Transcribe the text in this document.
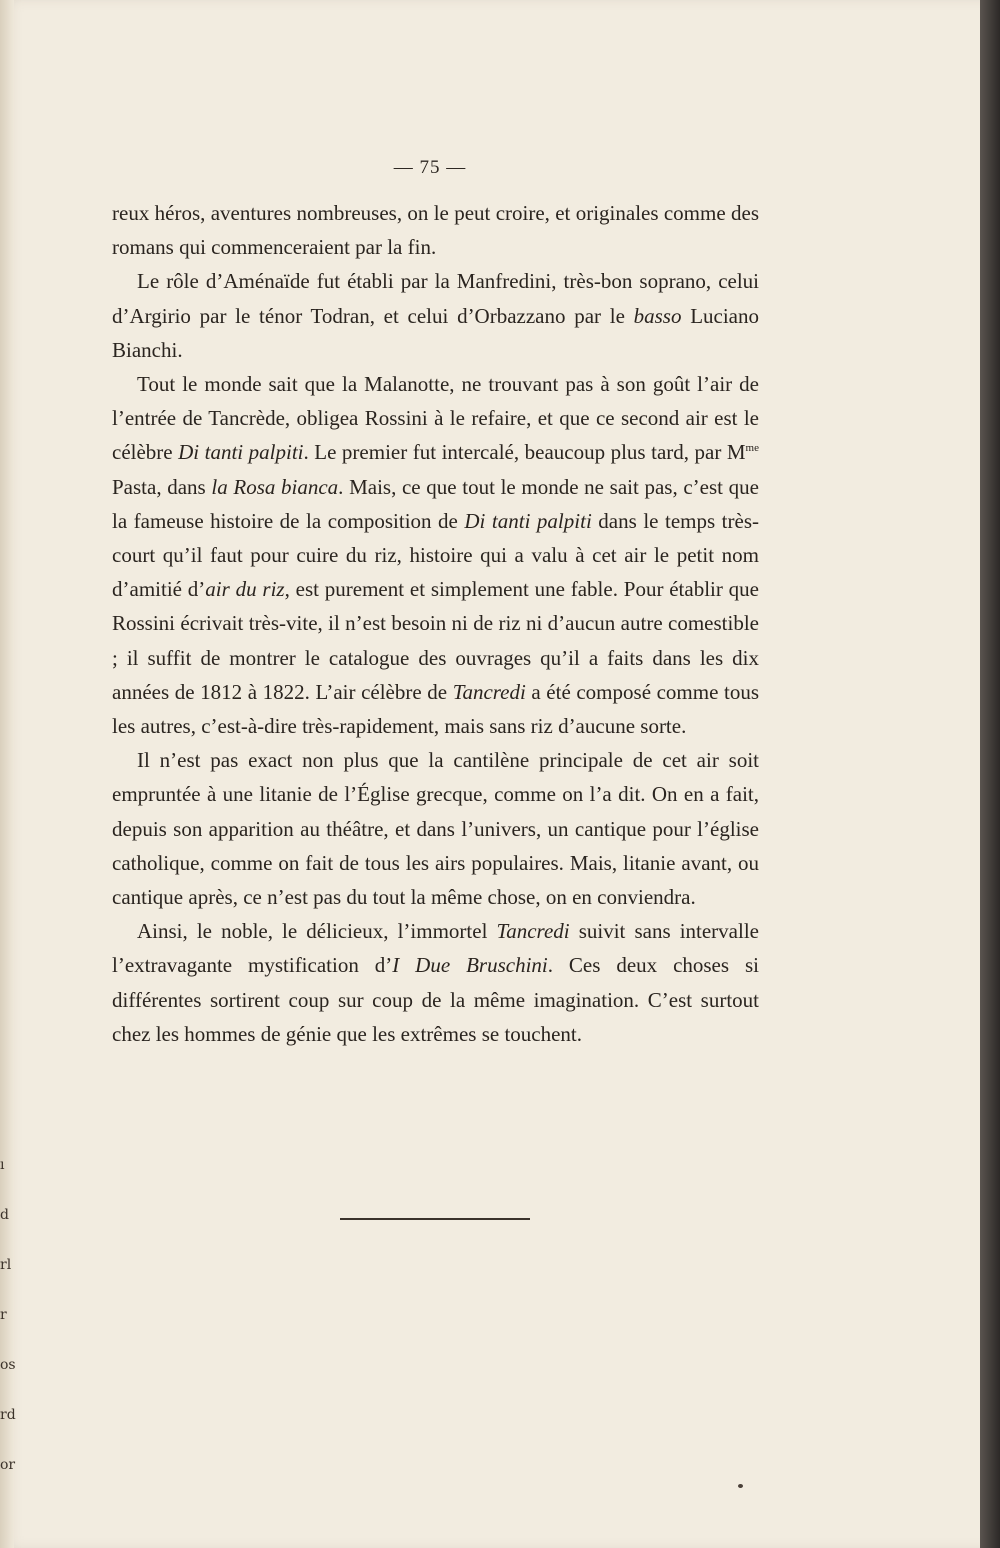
ı
d
rl
r
os
rd
or
— 75 —

reux héros, aventures nombreuses, on le peut croire, et originales comme des romans qui commenceraient par la fin.

Le rôle d’Aménaïde fut établi par la Manfredini, très-bon soprano, celui d’Argirio par le ténor Todran, et celui d’Orbazzano par le basso Luciano Bianchi.

Tout le monde sait que la Malanotte, ne trouvant pas à son goût l’air de l’entrée de Tancrède, obligea Rossini à le refaire, et que ce second air est le célèbre Di tanti palpiti. Le premier fut intercalé, beaucoup plus tard, par $M^{me}$ Pasta, dans la Rosa bianca. Mais, ce que tout le monde ne sait pas, c’est que la fameuse histoire de la composition de Di tanti palpiti dans le temps très-court qu’il faut pour cuire du riz, histoire qui a valu à cet air le petit nom d’amitié d’air du riz, est purement et simplement une fable. Pour établir que Rossini écrivait très-vite, il n’est besoin ni de riz ni d’aucun autre comestible ; il suffit de montrer le catalogue des ouvrages qu’il a faits dans les dix années de 1812 à 1822. L’air célèbre de Tancredi a été composé comme tous les autres, c’est-à-dire très-rapidement, mais sans riz d’aucune sorte.

Il n’est pas exact non plus que la cantilène principale de cet air soit empruntée à une litanie de l’Église grecque, comme on l’a dit. On en a fait, depuis son apparition au théâtre, et dans l’univers, un cantique pour l’église catholique, comme on fait de tous les airs populaires. Mais, litanie avant, ou cantique après, ce n’est pas du tout la même chose, on en conviendra.

Ainsi, le noble, le délicieux, l’immortel Tancredi suivit sans intervalle l’extravagante mystification d’I Due Bruschini. Ces deux choses si différentes sortirent coup sur coup de la même imagination. C’est surtout chez les hommes de génie que les extrêmes se touchent.
